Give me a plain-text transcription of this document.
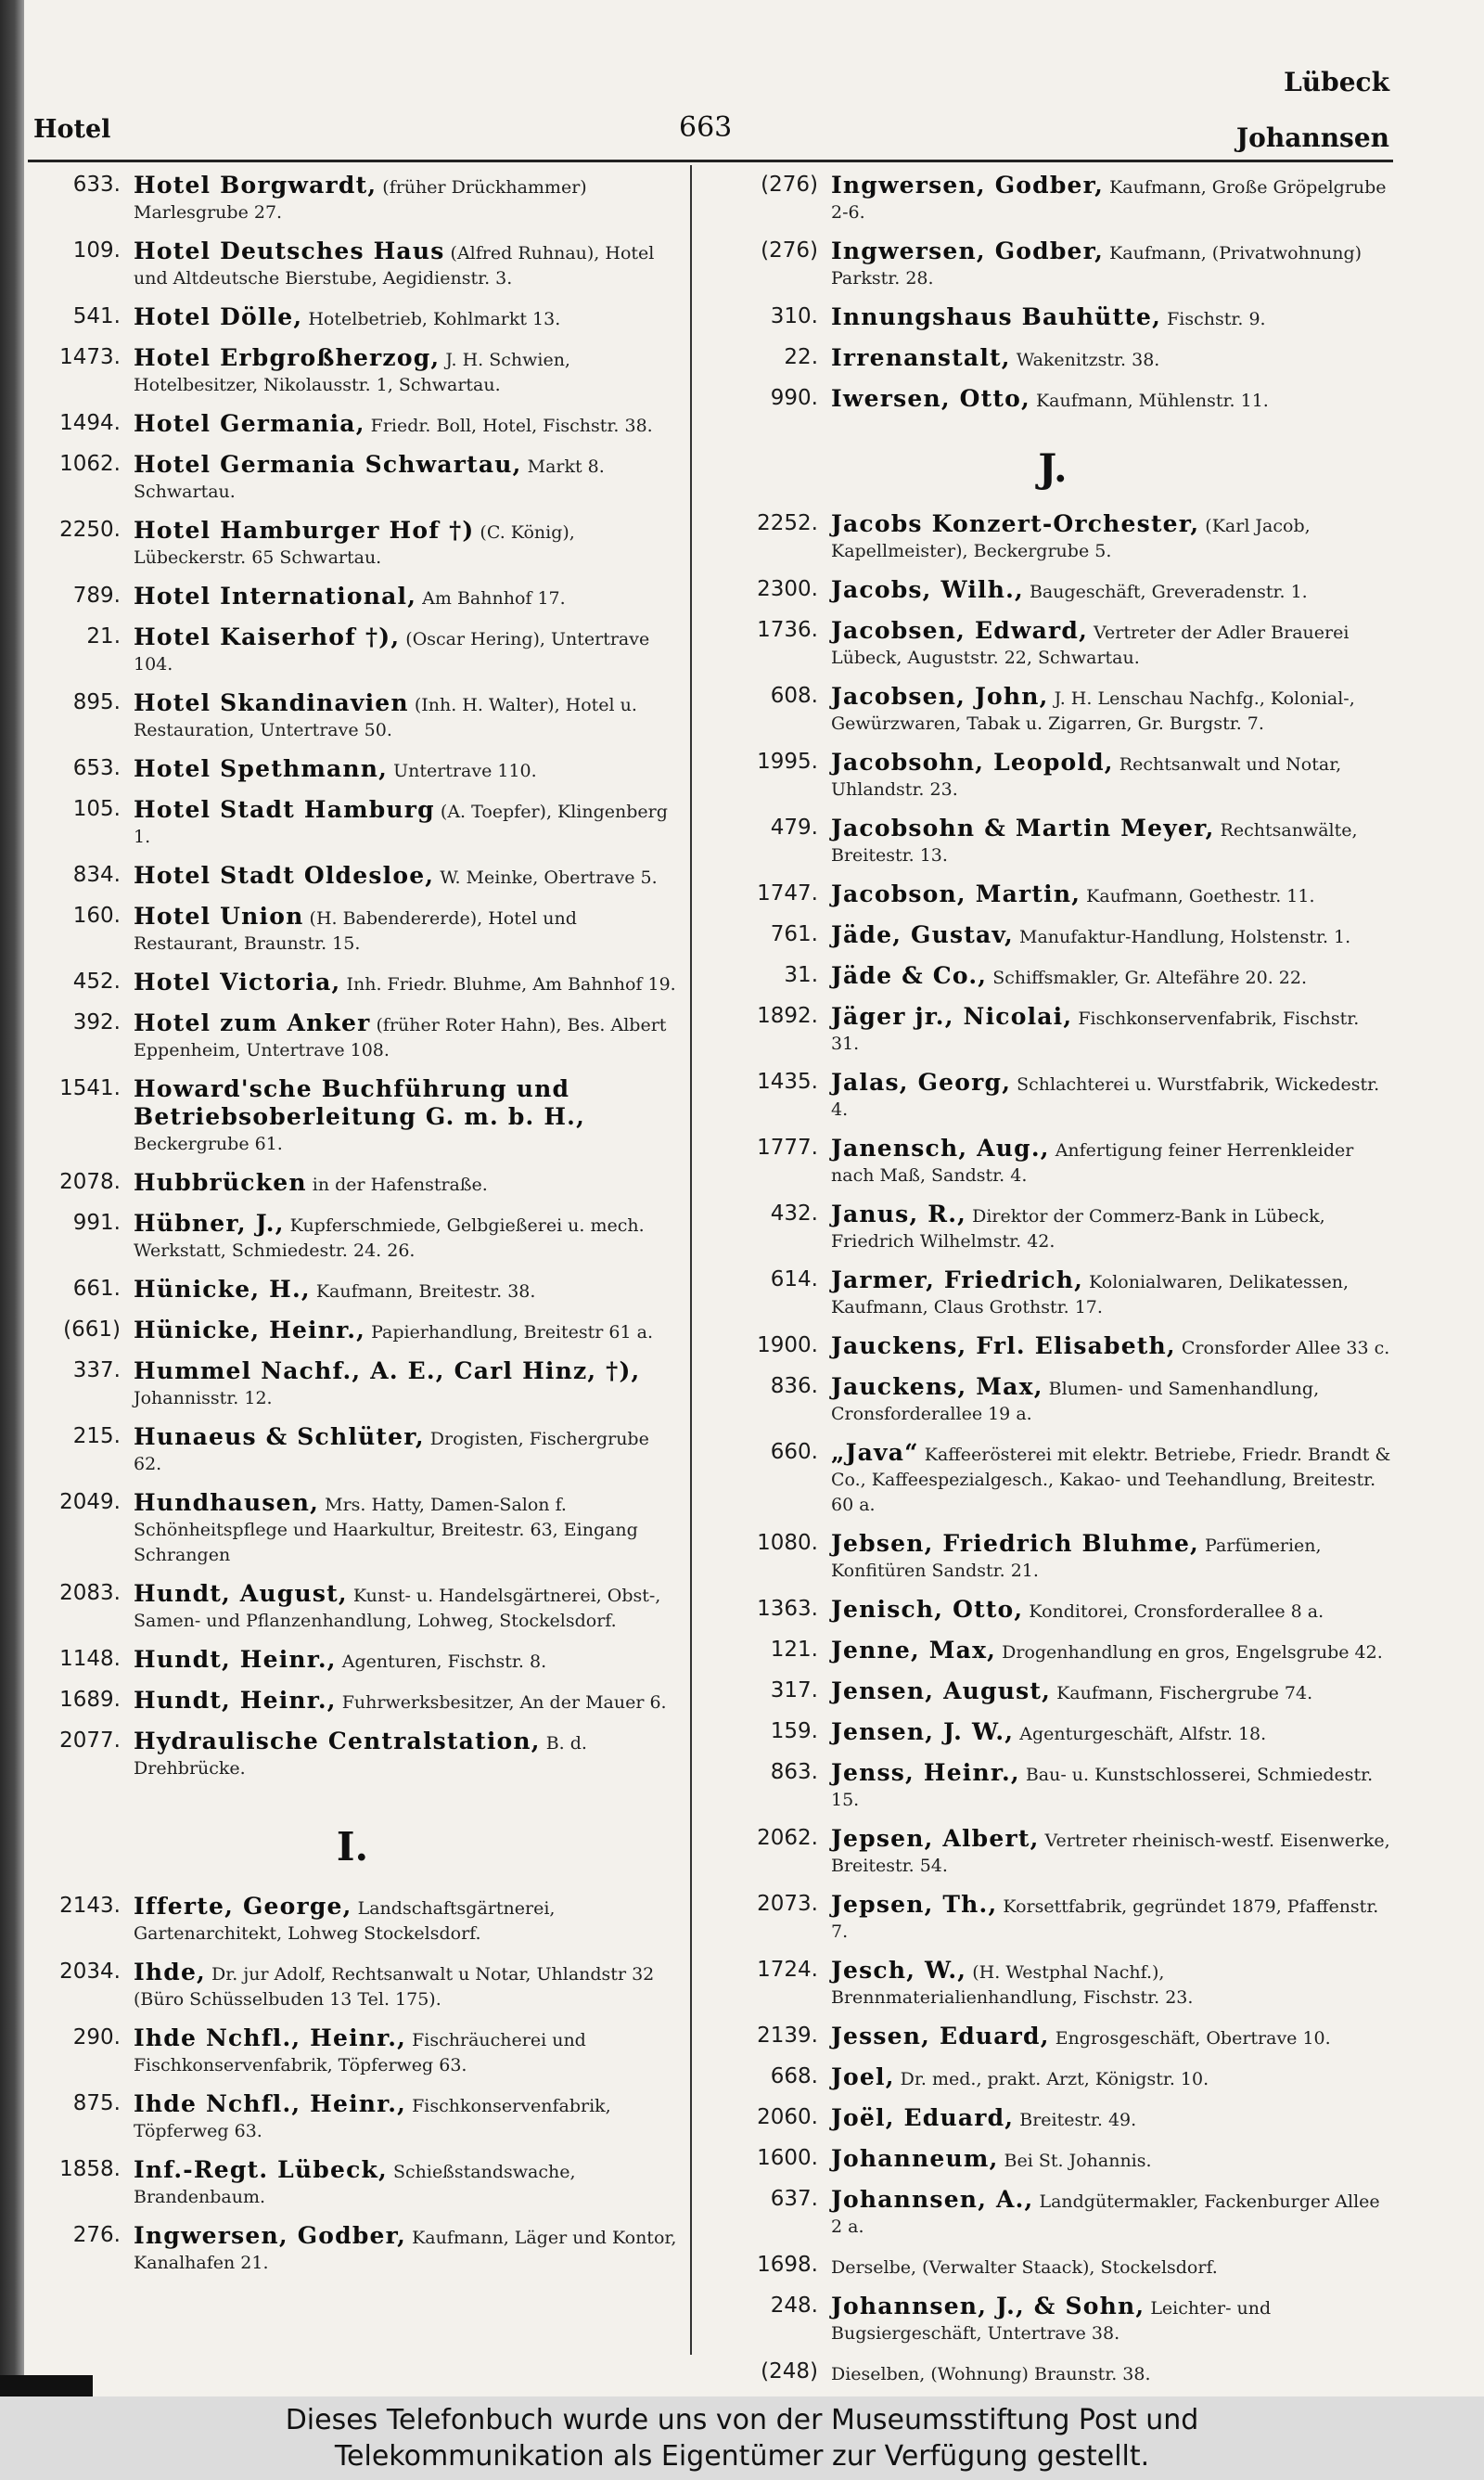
Hotel	663
Lübeck
Johannsen
633. Hotel Borgwardt, (früher Drückhammer) Marlesgrube 27.
109. Hotel Deutsches Haus (Alfred Ruhnau), Hotel und Altdeutsche Bierstube, Aegidienstr. 3.
541. Hotel Dölle, Hotelbetrieb, Kohlmarkt 13.
1473. Hotel Erbgroßherzog, J. H. Schwien, Hotelbesitzer, Nikolausstr. 1, Schwartau.
1494. Hotel Germania, Friedr. Boll, Hotel, Fischstr. 38.
1062. Hotel Germania Schwartau, Markt 8. Schwartau.
2250. Hotel Hamburger Hof †) (C. König), Lübeckerstr. 65 Schwartau.
789. Hotel International, Am Bahnhof 17.
21. Hotel Kaiserhof †), (Oscar Hering), Untertrave 104.
895. Hotel Skandinavien (Inh. H. Walter), Hotel u. Restauration, Untertrave 50.
653. Hotel Spethmann, Untertrave 110.
105. Hotel Stadt Hamburg (A. Toepfer), Klingenberg 1.
834. Hotel Stadt Oldesloe, W. Meinke, Obertrave 5.
160. Hotel Union (H. Babendererde), Hotel und Restaurant, Braunstr. 15.
452. Hotel Victoria, Inh. Friedr. Bluhme, Am Bahnhof 19.
392. Hotel zum Anker (früher Roter Hahn), Bes. Albert Eppenheim, Untertrave 108.
1541. Howard'sche Buchführung und Betriebsoberleitung G. m. b. H., Beckergrube 61.
2078. Hubbrücken in der Hafenstraße.
991. Hübner, J., Kupferschmiede, Gelbgießerei u. mech. Werkstatt, Schmiedestr. 24. 26.
661. Hünicke, H., Kaufmann, Breitestr. 38.
(661) Hünicke, Heinr., Papierhandlung, Breitestr 61 a.
337. Hummel Nachf., A. E., Carl Hinz, †), Johannisstr. 12.
215. Hunaeus & Schlüter, Drogisten, Fischergrube 62.
2049. Hundhausen, Mrs. Hatty, Damen-Salon f. Schönheitspflege und Haarkultur, Breitestr. 63, Eingang Schrangen
2083. Hundt, August, Kunst- u. Handelsgärtnerei, Obst-, Samen- und Pflanzenhandlung, Lohweg, Stockelsdorf.
1148. Hundt, Heinr., Agenturen, Fischstr. 8.
1689. Hundt, Heinr., Fuhrwerksbesitzer, An der Mauer 6.
2077. Hydraulische Centralstation, B. d. Drehbrücke.
I.
2143. Ifferte, George, Landschaftsgärtnerei, Gartenarchitekt, Lohweg Stockelsdorf.
2034. Ihde, Dr. jur Adolf, Rechtsanwalt u Notar, Uhlandstr 32 (Büro Schüsselbuden 13 Tel. 175).
290. Ihde Nchfl., Heinr., Fischräucherei und Fischkonservenfabrik, Töpferweg 63.
875. Ihde Nchfl., Heinr., Fischkonservenfabrik, Töpferweg 63.
1858. Inf.-Regt. Lübeck, Schießstandswache, Brandenbaum.
276. Ingwersen, Godber, Kaufmann, Läger und Kontor, Kanalhafen 21.
(276) Ingwersen, Godber, Kaufmann, Große Gröpelgrube 2-6.
(276) Ingwersen, Godber, Kaufmann, (Privatwohnung) Parkstr. 28.
310. Innungshaus Bauhütte, Fischstr. 9.
22. Irrenanstalt, Wakenitzstr. 38.
990. Iwersen, Otto, Kaufmann, Mühlenstr. 11.
J.
2252. Jacobs Konzert-Orchester, (Karl Jacob, Kapellmeister), Beckergrube 5.
2300. Jacobs, Wilh., Baugeschäft, Greveradenstr. 1.
1736. Jacobsen, Edward, Vertreter der Adler Brauerei Lübeck, Auguststr. 22, Schwartau.
608. Jacobsen, John, J. H. Lenschau Nachfg., Kolonial-, Gewürzwaren, Tabak u. Zigarren, Gr. Burgstr. 7.
1995. Jacobsohn, Leopold, Rechtsanwalt und Notar, Uhlandstr. 23.
479. Jacobsohn & Martin Meyer, Rechtsanwälte, Breitestr. 13.
1747. Jacobson, Martin, Kaufmann, Goethestr. 11.
761. Jäde, Gustav, Manufaktur-Handlung, Holstenstr. 1.
31. Jäde & Co., Schiffsmakler, Gr. Altefähre 20. 22.
1892. Jäger jr., Nicolai, Fischkonservenfabrik, Fischstr. 31.
1435. Jalas, Georg, Schlachterei u. Wurstfabrik, Wickedestr. 4.
1777. Janensch, Aug., Anfertigung feiner Herrenkleider nach Maß, Sandstr. 4.
432. Janus, R., Direktor der Commerz-Bank in Lübeck, Friedrich Wilhelmstr. 42.
614. Jarmer, Friedrich, Kolonialwaren, Delikatessen, Kaufmann, Claus Grothstr. 17.
1900. Jauckens, Frl. Elisabeth, Cronsforder Allee 33 c.
836. Jauckens, Max, Blumen- und Samenhandlung, Cronsforderallee 19 a.
660. „Java“ Kaffeerösterei mit elektr. Betriebe, Friedr. Brandt & Co., Kaffeespezialgesch., Kakao- und Teehandlung, Breitestr. 60 a.
1080. Jebsen, Friedrich Bluhme, Parfümerien, Konfitüren Sandstr. 21.
1363. Jenisch, Otto, Konditorei, Cronsforderallee 8 a.
121. Jenne, Max, Drogenhandlung en gros, Engelsgrube 42.
317. Jensen, August, Kaufmann, Fischergrube 74.
159. Jensen, J. W., Agenturgeschäft, Alfstr. 18.
863. Jenss, Heinr., Bau- u. Kunstschlosserei, Schmiedestr. 15.
2062. Jepsen, Albert, Vertreter rheinisch-westf. Eisenwerke, Breitestr. 54.
2073. Jepsen, Th., Korsettfabrik, gegründet 1879, Pfaffenstr. 7.
1724. Jesch, W., (H. Westphal Nachf.), Brennmaterialienhandlung, Fischstr. 23.
2139. Jessen, Eduard, Engrosgeschäft, Obertrave 10.
668. Joel, Dr. med., prakt. Arzt, Königstr. 10.
2060. Joël, Eduard, Breitestr. 49.
1600. Johanneum, Bei St. Johannis.
637. Johannsen, A., Landgütermakler, Fackenburger Allee 2 a.
1698. Derselbe, (Verwalter Staack), Stockelsdorf.
248. Johannsen, J., & Sohn, Leichter- und Bugsiergeschäft, Untertrave 38.
(248) Dieselben, (Wohnung) Braunstr. 38.
Dieses Telefonbuch wurde uns von der Museumsstiftung Post und
Telekommunikation als Eigentümer zur Verfügung gestellt.
